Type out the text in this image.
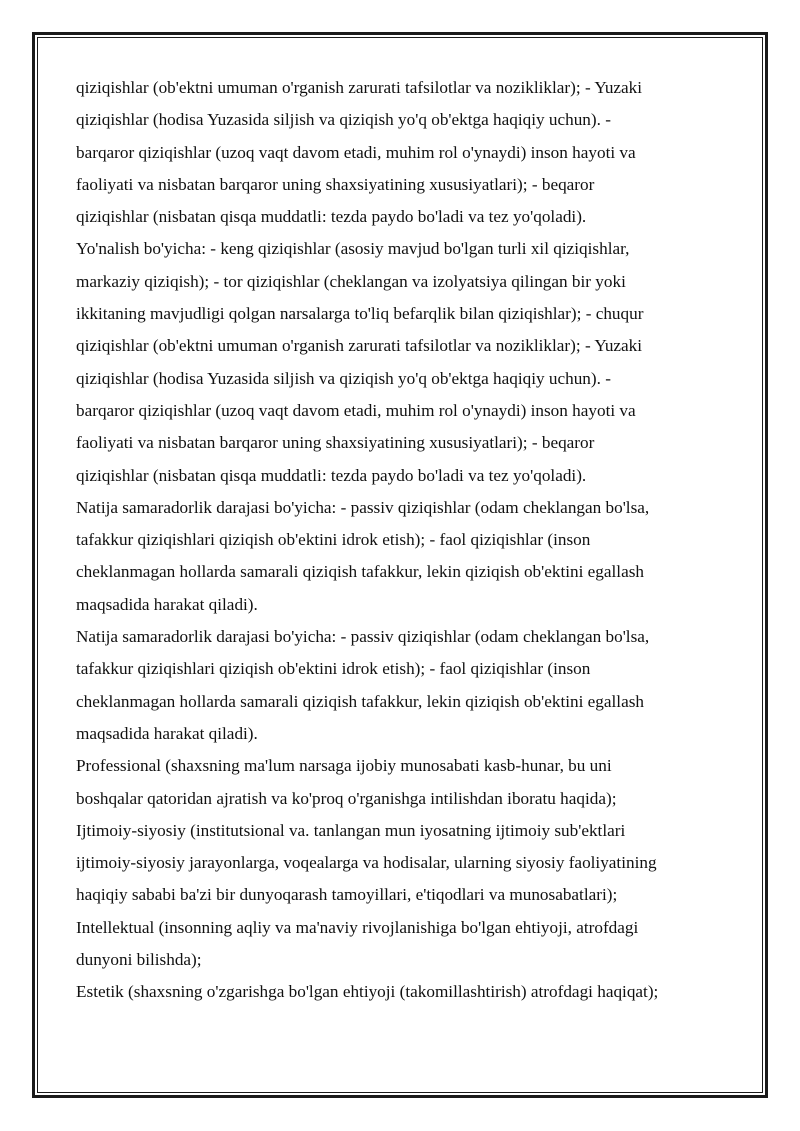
qiziqishlar (ob'ektni umuman o'rganish zarurati tafsilotlar va nozikliklar); - Yuzaki

qiziqishlar (hodisa Yuzasida siljish va qiziqish yo'q ob'ektga haqiqiy uchun). -

barqaror qiziqishlar (uzoq vaqt davom etadi, muhim rol o'ynaydi) inson hayoti va

faoliyati va nisbatan barqaror uning shaxsiyatining xususiyatlari); - beqaror

qiziqishlar (nisbatan qisqa muddatli: tezda paydo bo'ladi va tez yo'qoladi).

Yo'nalish bo'yicha: - keng qiziqishlar (asosiy mavjud bo'lgan turli xil qiziqishlar,

markaziy qiziqish); - tor qiziqishlar (cheklangan va izolyatsiya qilingan bir yoki

ikkitaning mavjudligi qolgan narsalarga to'liq befarqlik bilan qiziqishlar); - chuqur

qiziqishlar (ob'ektni umuman o'rganish zarurati tafsilotlar va nozikliklar); - Yuzaki

qiziqishlar (hodisa Yuzasida siljish va qiziqish yo'q ob'ektga haqiqiy uchun). -

barqaror qiziqishlar (uzoq vaqt davom etadi, muhim rol o'ynaydi) inson hayoti va

faoliyati va nisbatan barqaror uning shaxsiyatining xususiyatlari); - beqaror

qiziqishlar (nisbatan qisqa muddatli: tezda paydo bo'ladi va tez yo'qoladi).

Natija samaradorlik darajasi bo'yicha: - passiv qiziqishlar (odam cheklangan bo'lsa,

tafakkur qiziqishlari qiziqish ob'ektini idrok etish); - faol qiziqishlar (inson

cheklanmagan hollarda samarali qiziqish tafakkur, lekin qiziqish ob'ektini egallash

maqsadida harakat qiladi).

Natija samaradorlik darajasi bo'yicha: - passiv qiziqishlar (odam cheklangan bo'lsa,

tafakkur qiziqishlari qiziqish ob'ektini idrok etish); - faol qiziqishlar (inson

cheklanmagan hollarda samarali qiziqish tafakkur, lekin qiziqish ob'ektini egallash

maqsadida harakat qiladi).

Professional (shaxsning ma'lum narsaga ijobiy munosabati kasb-hunar, bu uni

boshqalar qatoridan ajratish va ko'proq o'rganishga intilishdan iboratu haqida);

Ijtimoiy-siyosiy (institutsional va. tanlangan mun iyosatning ijtimoiy sub'ektlari

ijtimoiy-siyosiy jarayonlarga, voqealarga va hodisalar, ularning siyosiy faoliyatining

haqiqiy sababi ba'zi bir dunyoqarash tamoyillari, e'tiqodlari va munosabatlari);

Intellektual (insonning aqliy va ma'naviy rivojlanishiga bo'lgan ehtiyoji, atrofdagi

dunyoni bilishda);

Estetik (shaxsning o'zgarishga bo'lgan ehtiyoji (takomillashtirish) atrofdagi haqiqat);
